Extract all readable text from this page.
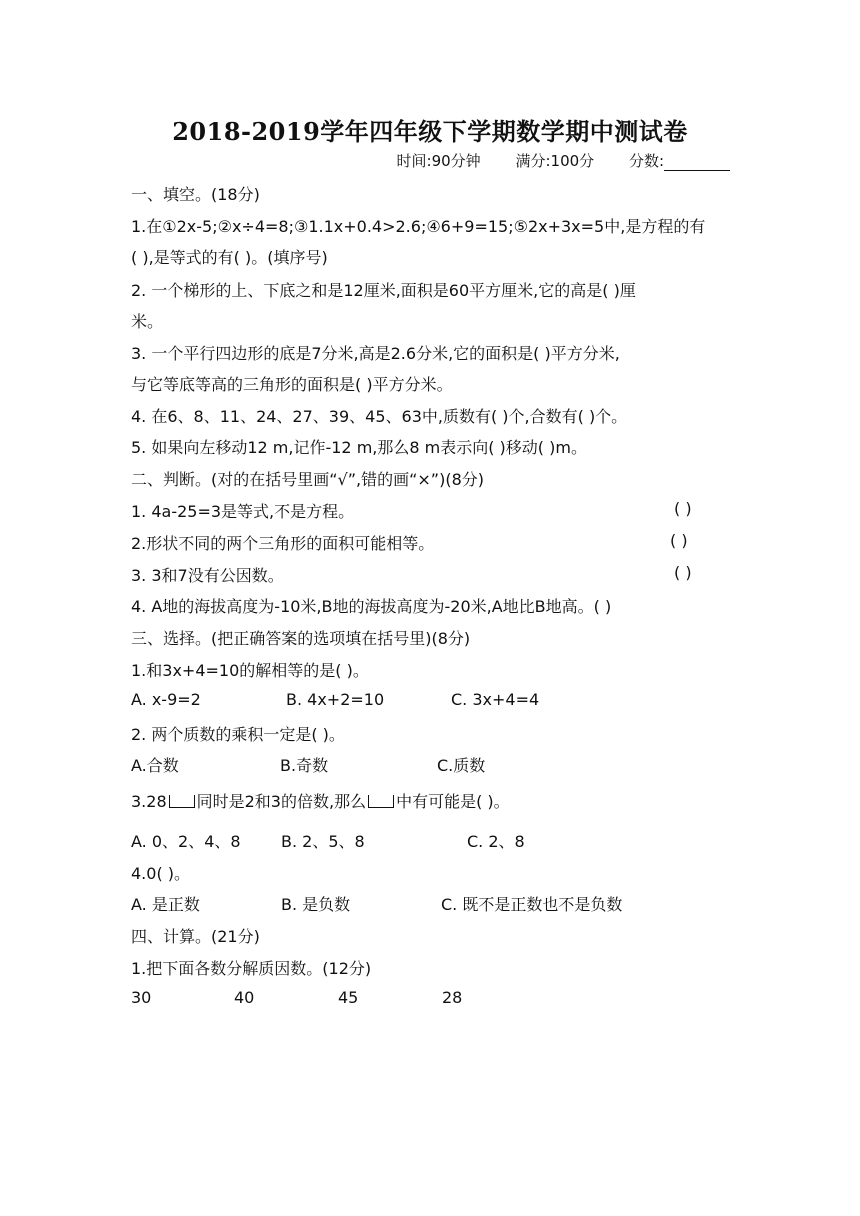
2018-2019学年四年级下学期数学期中测试卷
时间:90分钟 满分:100分 分数:
一、填空。(18分)
1.在①2x-5;②x÷4=8;③1.1x+0.4>2.6;④6+9=15;⑤2x+3x=5中,是方程的有
( ),是等式的有( )。(填序号)
2. 一个梯形的上、下底之和是12厘米,面积是60平方厘米,它的高是( )厘
米。
3. 一个平行四边形的底是7分米,高是2.6分米,它的面积是( )平方分米,
与它等底等高的三角形的面积是( )平方分米。
4. 在6、8、11、24、27、39、45、63中,质数有( )个,合数有( )个。
5. 如果向左移动12 m,记作-12 m,那么8 m表示向( )移动( )m。
二、判断。(对的在括号里画“√”,错的画“×”)(8分)
1. 4a-25=3是等式,不是方程。	( )
2.形状不同的两个三角形的面积可能相等。	( )
3. 3和7没有公因数。	( )
4. A地的海拔高度为-10米,B地的海拔高度为-20米,A地比B地高。( )
三、选择。(把正确答案的选项填在括号里)(8分)
1.和3x+4=10的解相等的是( )。
A. x-9=2	B. 4x+2=10	C. 3x+4=4
2. 两个质数的乘积一定是( )。
A.合数	B.奇数	C.质数
3.28 同时是2和3的倍数,那么 中有可能是( )。
A. 0、2、4、8	B. 2、5、8	C. 2、8
4.0( )。
A. 是正数	B. 是负数	C. 既不是正数也不是负数
四、计算。(21分)
1.把下面各数分解质因数。(12分)
30	40	45	28
